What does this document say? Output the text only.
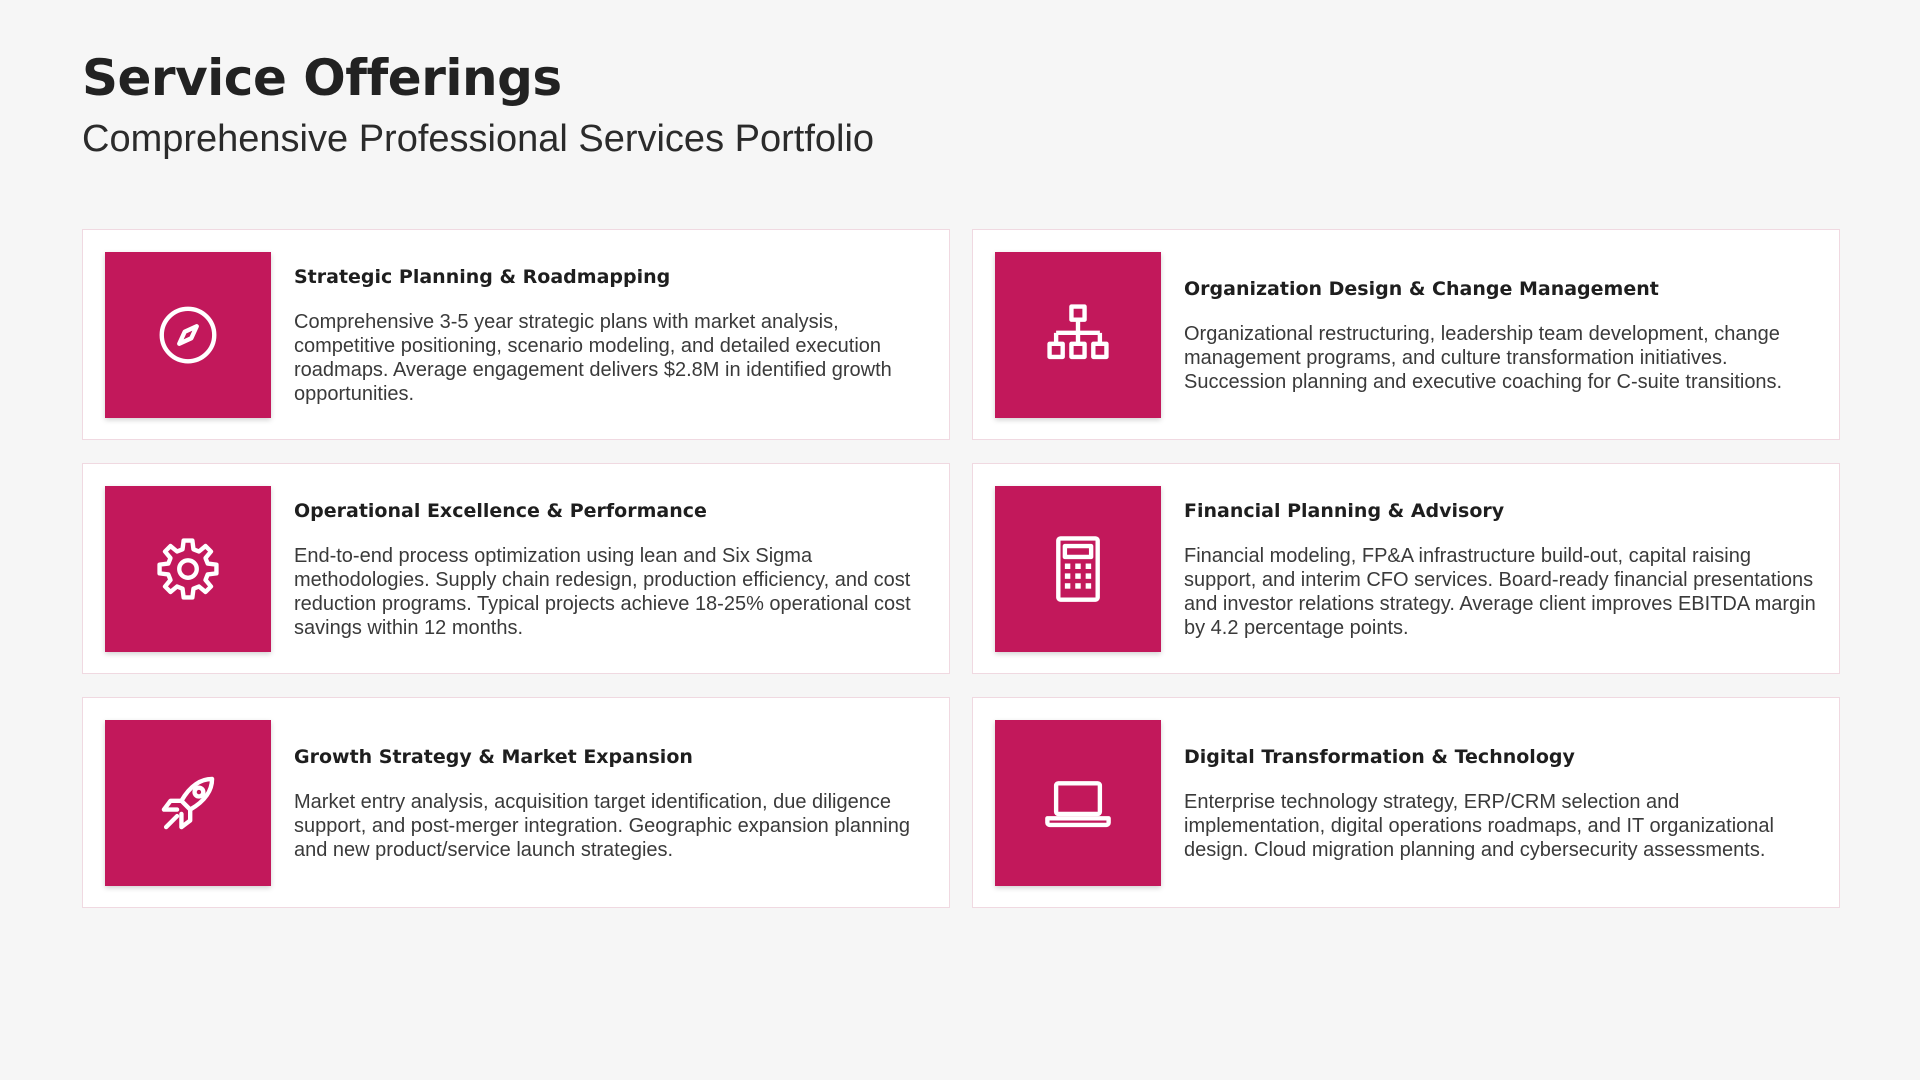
Service Offerings
Comprehensive Professional Services Portfolio
Strategic Planning & Roadmapping

Comprehensive 3-5 year strategic plans with market analysis, competitive positioning, scenario modeling, and detailed execution roadmaps. Average engagement delivers $2.8M in identified growth opportunities.

Organization Design & Change Management

Organizational restructuring, leadership team development, change management programs, and culture transformation initiatives. Succession planning and executive coaching for C-suite transitions.

Operational Excellence & Performance

End-to-end process optimization using lean and Six Sigma methodologies. Supply chain redesign, production efficiency, and cost reduction programs. Typical projects achieve 18-25% operational cost savings within 12 months.

Financial Planning & Advisory

Financial modeling, FP&A infrastructure build-out, capital raising support, and interim CFO services. Board-ready financial presentations and investor relations strategy. Average client improves EBITDA margin by 4.2 percentage points.

Growth Strategy & Market Expansion

Market entry analysis, acquisition target identification, due diligence support, and post-merger integration. Geographic expansion planning and new product/service launch strategies.

Digital Transformation & Technology

Enterprise technology strategy, ERP/CRM selection and implementation, digital operations roadmaps, and IT organizational design. Cloud migration planning and cybersecurity assessments.
